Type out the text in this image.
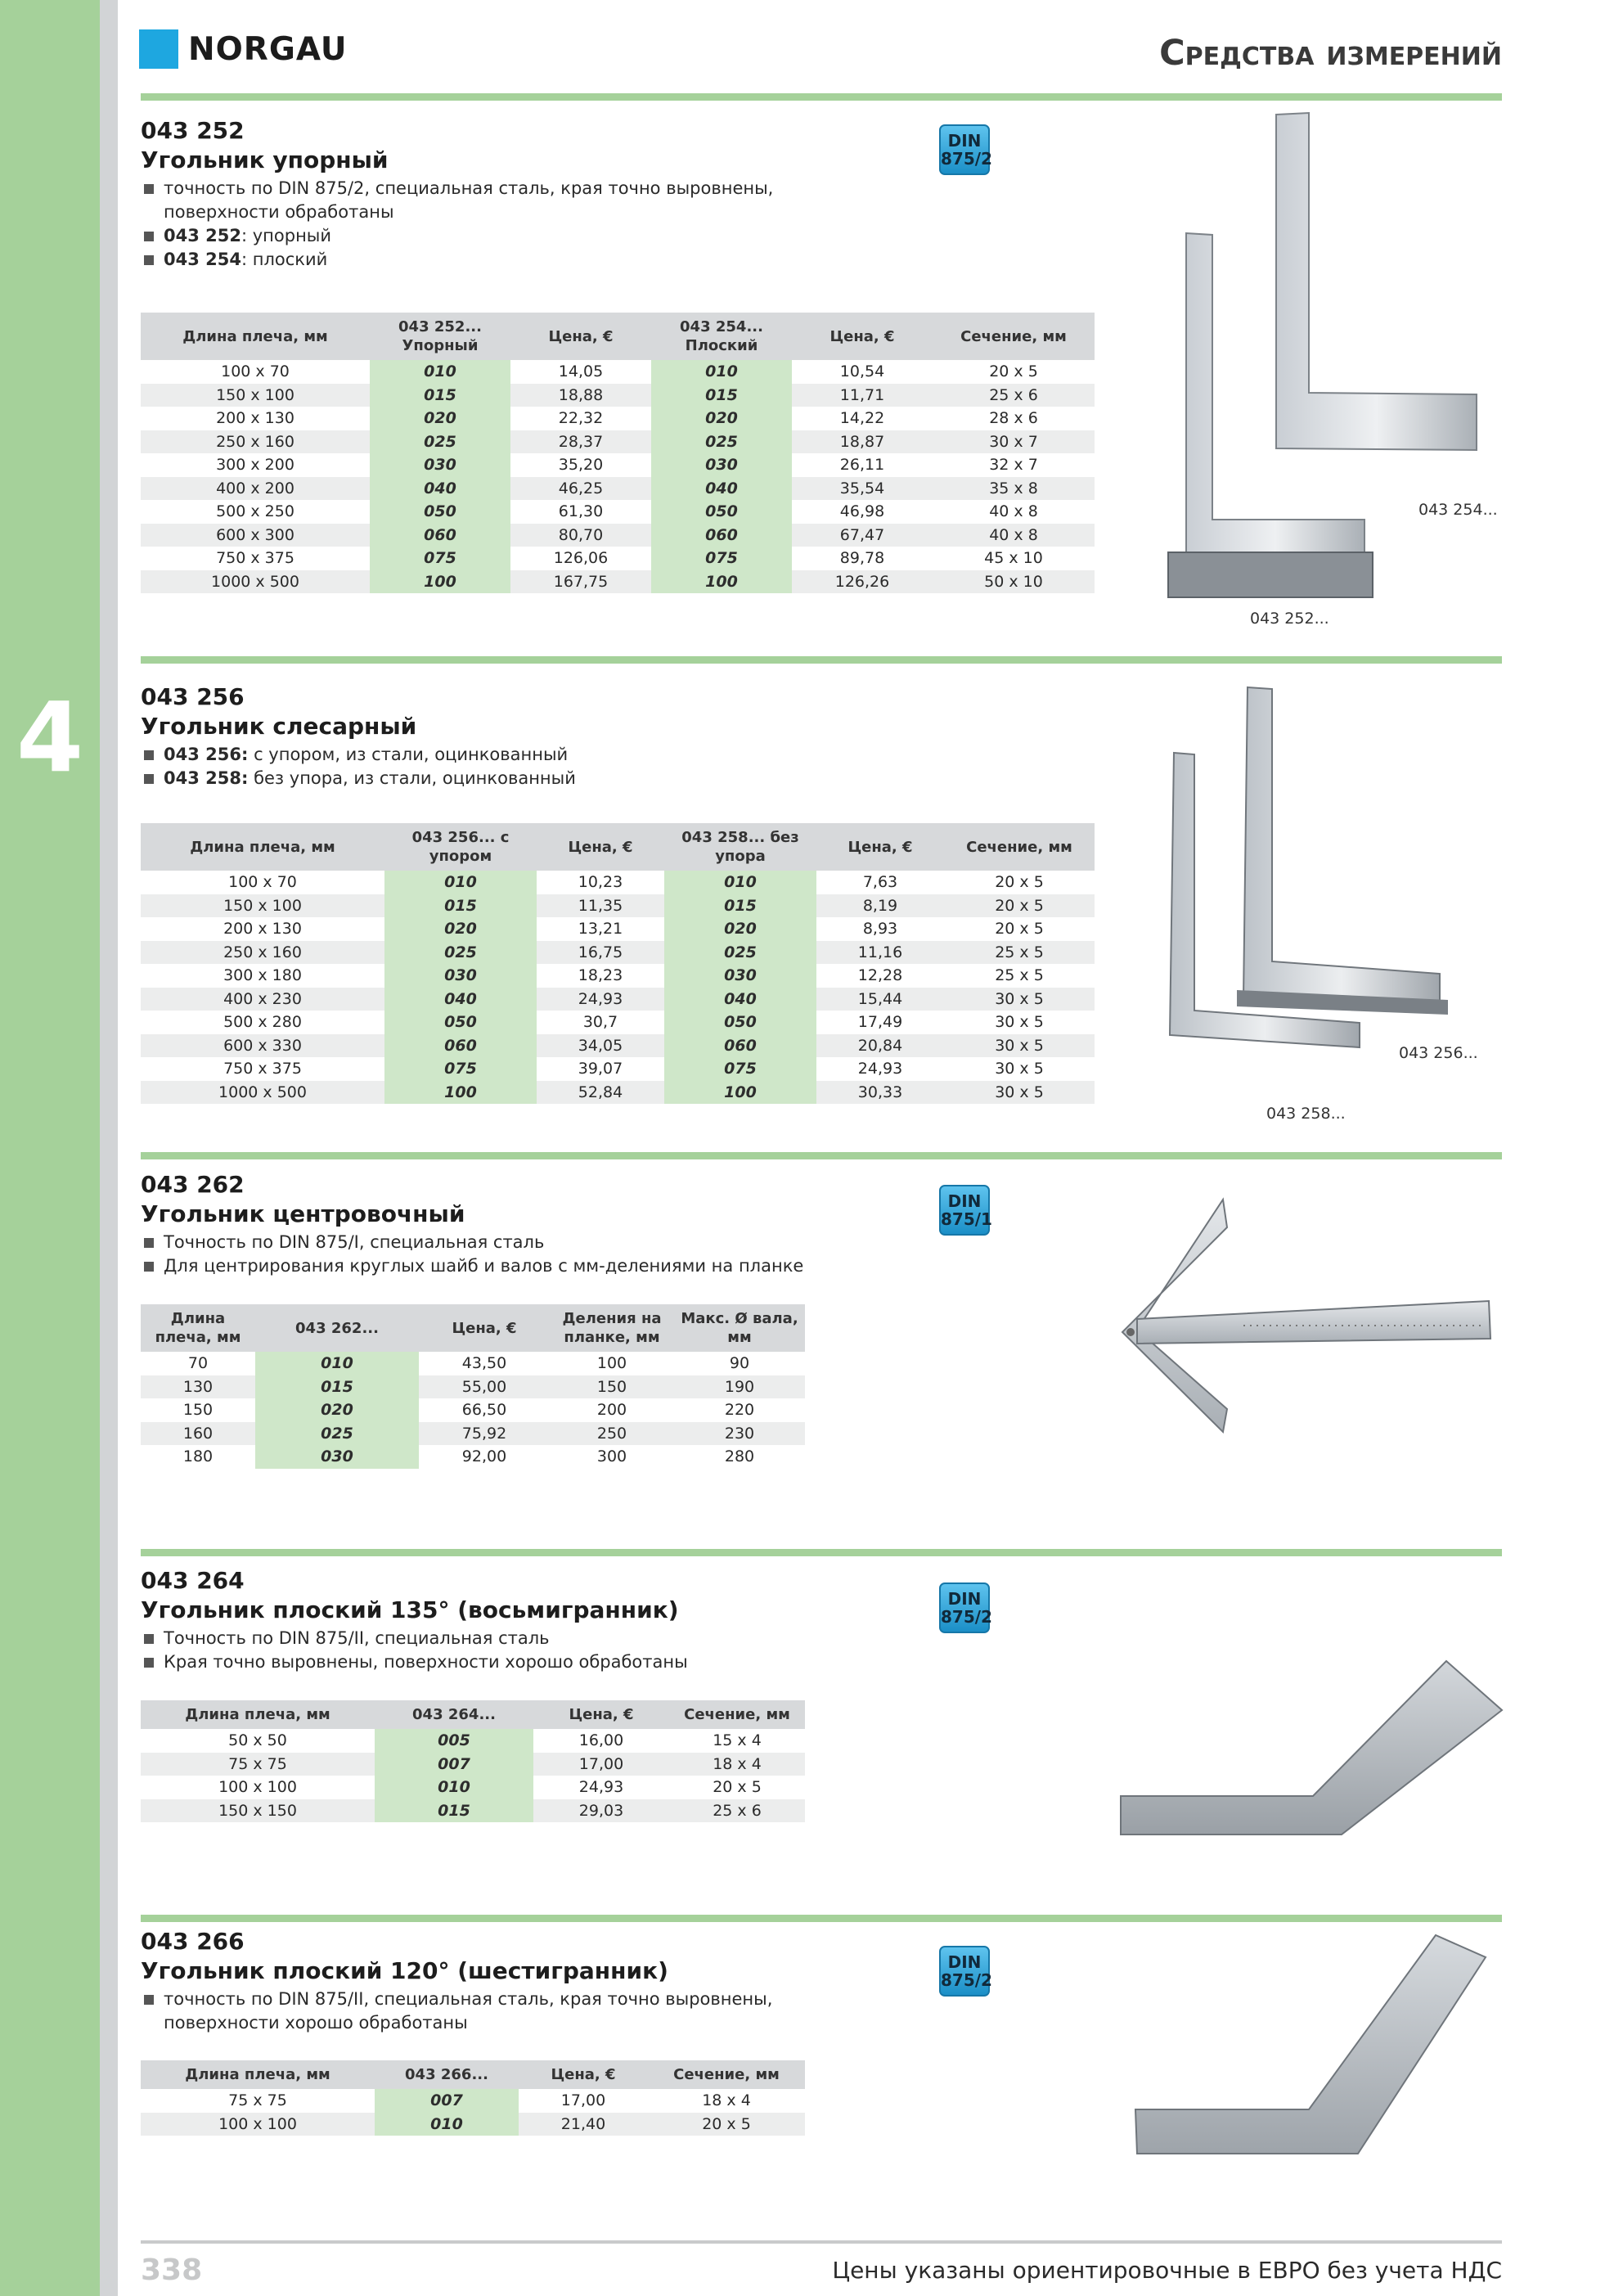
4
NORGAU	Средства измерений
043 252
Угольник упорный
точность по DIN 875/2, специальная сталь, края точно выровнены, поверхности обработаны
043 252: упорный
043 254: плоский
DIN
875/2
Длина плеча, мм	043 252... Упорный	Цена, €	043 254... Плоский	Цена, €	Сечение, мм
100 x 70	010	14,05	010	10,54	20 x 5
150 x 100	015	18,88	015	11,71	25 x 6
200 x 130	020	22,32	020	14,22	28 x 6
250 x 160	025	28,37	025	18,87	30 x 7
300 x 200	030	35,20	030	26,11	32 x 7
400 x 200	040	46,25	040	35,54	35 x 8
500 x 250	050	61,30	050	46,98	40 x 8
600 x 300	060	80,70	060	67,47	40 x 8
750 x 375	075	126,06	075	89,78	45 x 10
1000 x 500	100	167,75	100	126,26	50 x 10
043 254...
043 252...
043 256
Угольник слесарный
043 256: с упором, из стали, оцинкованный
043 258: без упора, из стали, оцинкованный
Длина плеча, мм	043 256... с упором	Цена, €	043 258... без упора	Цена, €	Сечение, мм
100 x 70	010	10,23	010	7,63	20 x 5
150 x 100	015	11,35	015	8,19	20 x 5
200 x 130	020	13,21	020	8,93	20 x 5
250 x 160	025	16,75	025	11,16	25 x 5
300 x 180	030	18,23	030	12,28	25 x 5
400 x 230	040	24,93	040	15,44	30 x 5
500 x 280	050	30,7	050	17,49	30 x 5
600 x 330	060	34,05	060	20,84	30 x 5
750 x 375	075	39,07	075	24,93	30 x 5
1000 x 500	100	52,84	100	30,33	30 x 5
043 256...
043 258...
043 262
Угольник центровочный
Точность по DIN 875/I, специальная сталь
Для центрирования круглых шайб и валов с мм-делениями на планке
DIN
875/1
Длина плеча, мм	043 262...	Цена, €	Деления на планке, мм	Макс. Ø вала, мм
70	010	43,50	100	90
130	015	55,00	150	190
150	020	66,50	200	220
160	025	75,92	250	230
180	030	92,00	300	280
043 264
Угольник плоский 135° (восьмигранник)
Точность по DIN 875/II, специальная сталь
Края точно выровнены, поверхности хорошо обработаны
DIN
875/2
Длина плеча, мм	043 264...	Цена, €	Сечение, мм
50 x 50	005	16,00	15 x 4
75 x 75	007	17,00	18 x 4
100 x 100	010	24,93	20 x 5
150 x 150	015	29,03	25 x 6
043 266
Угольник плоский 120° (шестигранник)
точность по DIN 875/II, специальная сталь, края точно выровнены, поверхности хорошо обработаны
DIN
875/2
Длина плеча, мм	043 266...	Цена, €	Сечение, мм
75 x 75	007	17,00	18 x 4
100 x 100	010	21,40	20 x 5
338	Цены указаны ориентировочные в ЕВРО без учета НДС
